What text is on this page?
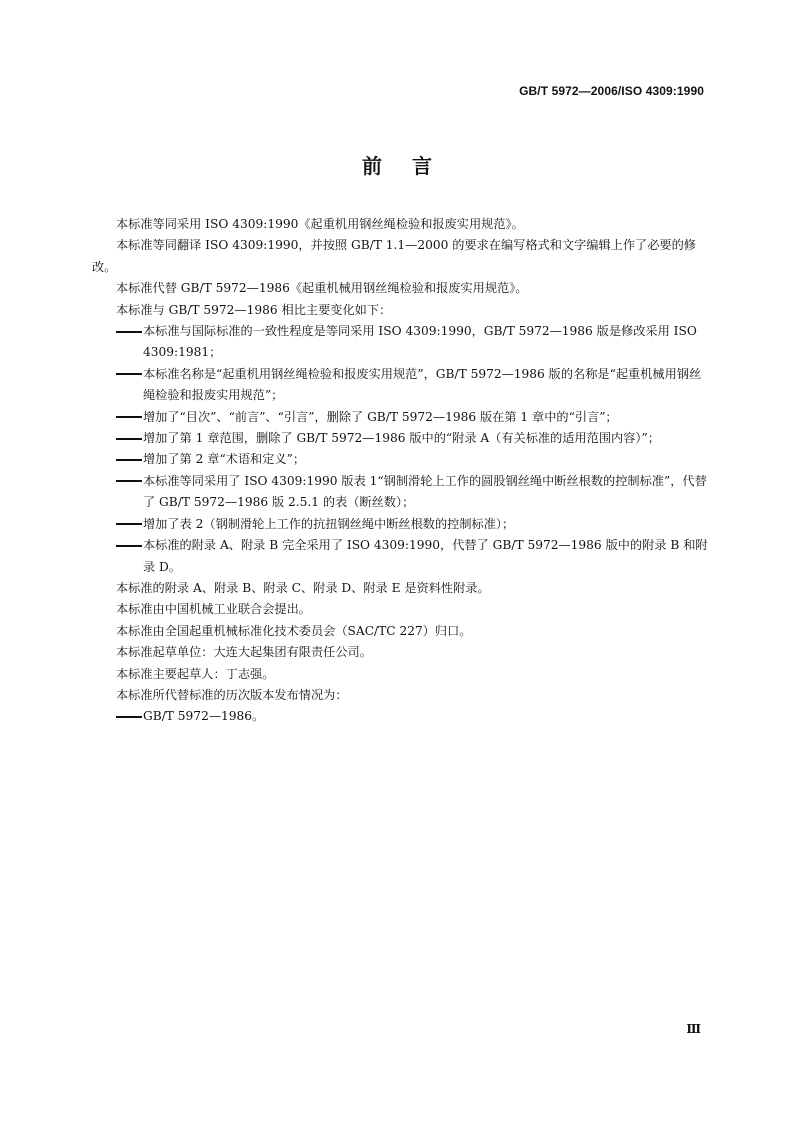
GB/T 5972—2006/ISO 4309:1990
前言

本标准等同采用 ISO 4309:1990《起重机用钢丝绳检验和报废实用规范》。

本标准等同翻译 ISO 4309:1990，并按照 GB/T 1.1—2000 的要求在编写格式和文字编辑上作了必要的修改。

本标准代替 GB/T 5972—1986《起重机械用钢丝绳检验和报废实用规范》。

本标准与 GB/T 5972—1986 相比主要变化如下：

本标准与国际标准的一致性程度是等同采用 ISO 4309:1990，GB/T 5972—1986 版是修改采用 ISO 4309:1981；

本标准名称是“起重机用钢丝绳检验和报废实用规范”，GB/T 5972—1986 版的名称是“起重机械用钢丝绳检验和报废实用规范”；

增加了“目次”、“前言”、“引言”，删除了 GB/T 5972—1986 版在第 1 章中的“引言”；

增加了第 1 章范围，删除了 GB/T 5972—1986 版中的“附录 A（有关标准的适用范围内容）”；

增加了第 2 章“术语和定义”；

本标准等同采用了 ISO 4309:1990 版表 1“钢制滑轮上工作的圆股钢丝绳中断丝根数的控制标准”，代替了 GB/T 5972—1986 版 2.5.1 的表（断丝数）；

增加了表 2（钢制滑轮上工作的抗扭钢丝绳中断丝根数的控制标准）；

本标准的附录 A、附录 B 完全采用了 ISO 4309:1990，代替了 GB/T 5972—1986 版中的附录 B 和附录 D。

本标准的附录 A、附录 B、附录 C、附录 D、附录 E 是资料性附录。

本标准由中国机械工业联合会提出。

本标准由全国起重机械标准化技术委员会（SAC/TC 227）归口。

本标准起草单位：大连大起集团有限责任公司。

本标准主要起草人：丁志强。

本标准所代替标准的历次版本发布情况为：

GB/T 5972—1986。

Ⅲ
